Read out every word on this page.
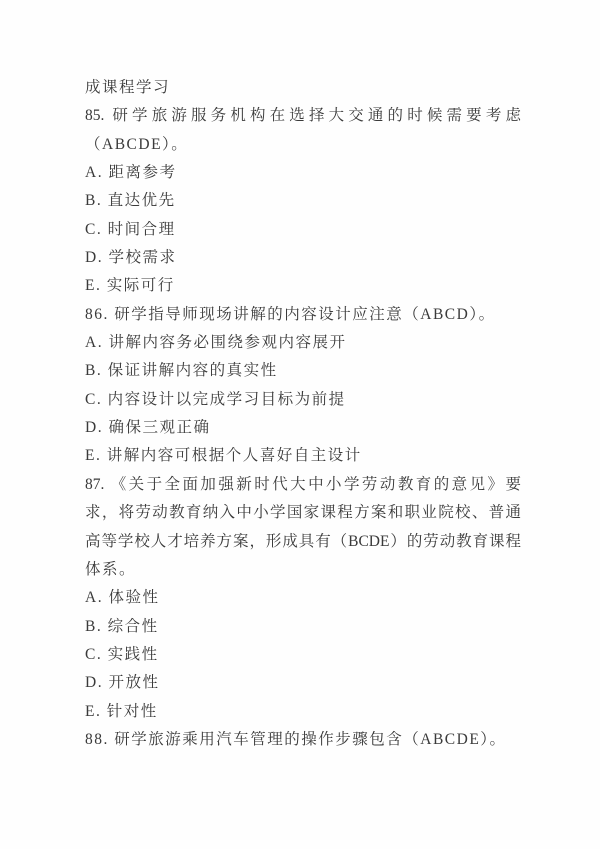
成课程学习
85. 研学旅游服务机构在选择大交通的时候需要考虑
（ABCDE）。
A. 距离参考
B. 直达优先
C. 时间合理
D. 学校需求
E. 实际可行
86. 研学指导师现场讲解的内容设计应注意（ABCD）。
A. 讲解内容务必围绕参观内容展开
B. 保证讲解内容的真实性
C. 内容设计以完成学习目标为前提
D. 确保三观正确
E. 讲解内容可根据个人喜好自主设计
87. 《关于全面加强新时代大中小学劳动教育的意见》要
求，将劳动教育纳入中小学国家课程方案和职业院校、普通
高等学校人才培养方案，形成具有（BCDE）的劳动教育课程
体系。
A. 体验性
B. 综合性
C. 实践性
D. 开放性
E. 针对性
88. 研学旅游乘用汽车管理的操作步骤包含（ABCDE）。
